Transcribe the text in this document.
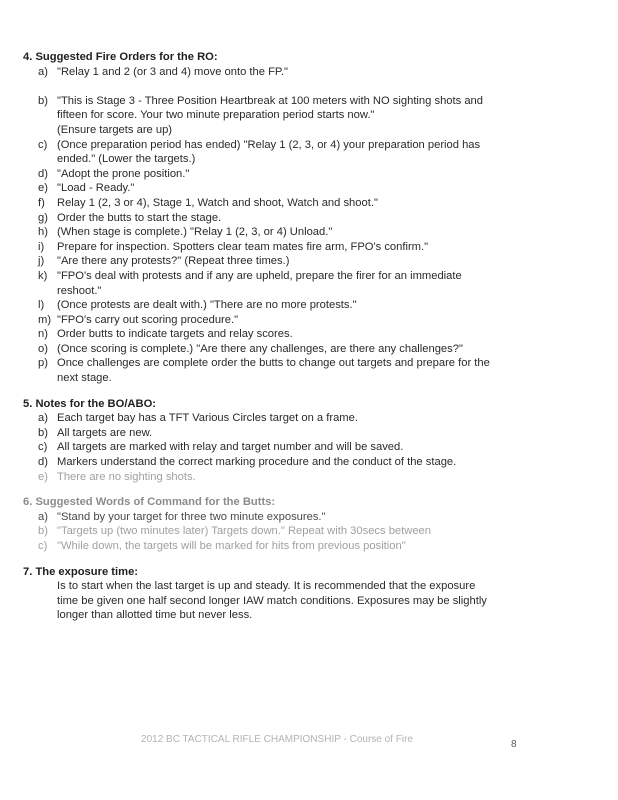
4. Suggested Fire Orders for the RO:
a) "Relay 1 and 2 (or 3 and 4) move onto the FP."
b) "This is Stage 3 - Three Position Heartbreak at 100 meters with NO sighting shots and
fifteen for score. Your two minute preparation period starts now."
(Ensure targets are up)
c) (Once preparation period has ended) "Relay 1 (2, 3, or 4) your preparation period has
ended." (Lower the targets.)
d) "Adopt the prone position."
e) "Load - Ready."
f)	Relay 1 (2, 3 or 4), Stage 1, Watch and shoot, Watch and shoot."
g) Order the butts to start the stage.
h) (When stage is complete.) "Relay 1 (2, 3, or 4) Unload."
i)	Prepare for inspection. Spotters clear team mates fire arm, FPO's confirm."
j)	"Are there any protests?" (Repeat three times.)
k) "FPO's deal with protests and if any are upheld, prepare the firer for an immediate
reshoot."
l)	(Once protests are dealt with.) "There are no more protests."
m) "FPO's carry out scoring procedure."
n) Order butts to indicate targets and relay scores.
o) (Once scoring is complete.) "Are there any challenges, are there any challenges?"
p) Once challenges are complete order the butts to change out targets and prepare for the
next stage.
5. Notes for the BO/ABO:
a) Each target bay has a TFT Various Circles target on a frame.
b) All targets are new.
c) All targets are marked with relay and target number and will be saved.
d) Markers understand the correct marking procedure and the conduct of the stage.
e) There are no sighting shots.
6. Suggested Words of Command for the Butts:
a) "Stand by your target for three two minute exposures."
b) "Targets up (two minutes later) Targets down." Repeat with 30secs between
c) "While down, the targets will be marked for hits from previous position"
7. The exposure time:
Is to start when the last target is up and steady. It is recommended that the exposure
time be given one half second longer IAW match conditions. Exposures may be slightly
longer than allotted time but never less.
2012 BC TACTICAL RIFLE CHAMPIONSHIP - Course of Fire	8
